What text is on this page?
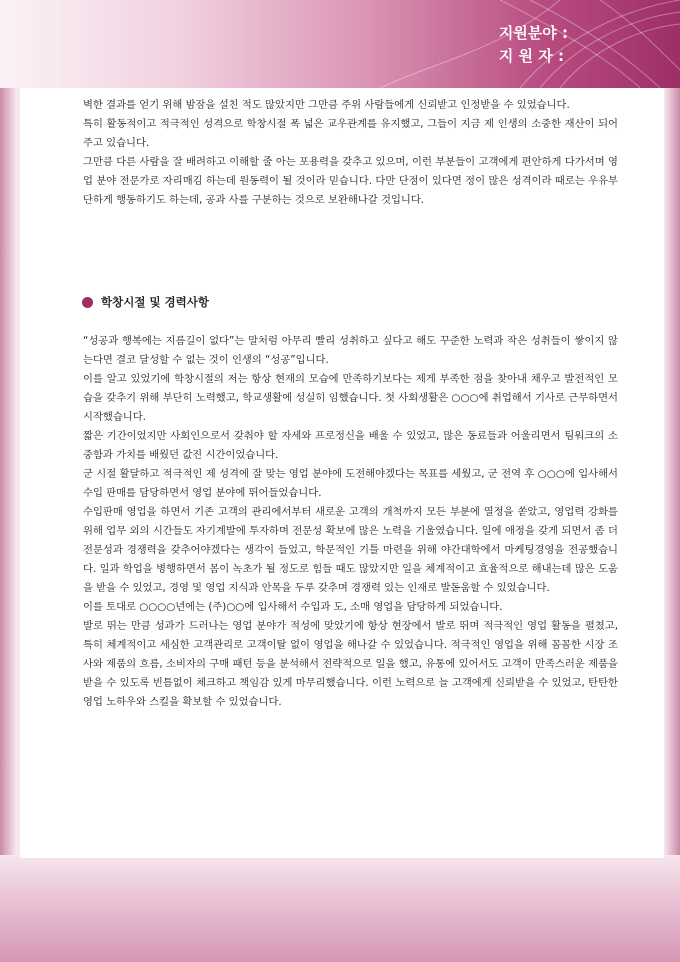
지원분야 :
지 원 자 :

벽한 결과를 얻기 위해 밤잠을 설친 적도 많았지만 그만큼 주위 사람들에게 신뢰받고 인정받을 수 있었습니다.

특히 활동적이고 적극적인 성격으로 학창시절 폭 넓은 교우관계를 유지했고, 그들이 지금 제 인생의 소중한 재산이 되어주고 있습니다.

그만큼 다른 사람을 잘 배려하고 이해할 줄 아는 포용력을 갖추고 있으며, 이런 부분들이 고객에게 편안하게 다가서며 영업 분야 전문가로 자리매김 하는데 원동력이 될 것이라 믿습니다. 다만 단점이 있다면 정이 많은 성격이라 때로는 우유부단하게 행동하기도 하는데, 공과 사를 구분하는 것으로 보완해나갈 것입니다.

학창시절 및 경력사항

“성공과 행복에는 지름길이 없다”는 말처럼 아무리 빨리 성취하고 싶다고 해도 꾸준한 노력과 작은 성취들이 쌓이지 않는다면 결코 달성할 수 없는 것이 인생의 “성공”입니다.

이를 알고 있었기에 학창시절의 저는 항상 현재의 모습에 만족하기보다는 제게 부족한 점을 찾아내 채우고 발전적인 모습을 갖추기 위해 부단히 노력했고, 학교생활에 성실히 임했습니다. 첫 사회생활은 ○○○에 취업해서 기사로 근무하면서 시작했습니다.

짧은 기간이었지만 사회인으로서 갖춰야 할 자세와 프로정신을 배울 수 있었고, 많은 동료들과 어울리면서 팀워크의 소중함과 가치를 배웠던 값진 시간이었습니다.

군 시절 활달하고 적극적인 제 성격에 잘 맞는 영업 분야에 도전해야겠다는 목표를 세웠고, 군 전역 후 ○○○에 입사해서 수입 판매를 담당하면서 영업 분야에 뛰어들었습니다.

수입판매 영업을 하면서 기존 고객의 관리에서부터 새로운 고객의 개척까지 모든 부분에 열정을 쏟았고, 영업력 강화를 위해 업무 외의 시간들도 자기계발에 투자하며 전문성 확보에 많은 노력을 기울였습니다. 일에 애정을 갖게 되면서 좀 더 전문성과 경쟁력을 갖추어야겠다는 생각이 들었고, 학문적인 기틀 마련을 위해 야간대학에서 마케팅경영을 전공했습니다. 일과 학업을 병행하면서 몸이 녹초가 될 정도로 힘들 때도 많았지만 일을 체계적이고 효율적으로 해내는데 많은 도움을 받을 수 있었고, 경영 및 영업 지식과 안목을 두루 갖추며 경쟁력 있는 인재로 발돋움할 수 있었습니다.

이를 토대로 ○○○○년에는 (주)○○에 입사해서 수입과 도, 소매 영업을 담당하게 되었습니다.

발로 뛰는 만큼 성과가 드러나는 영업 분야가 적성에 맞았기에 항상 현장에서 발로 뛰며 적극적인 영업 활동을 펼쳤고, 특히 체계적이고 세심한 고객관리로 고객이탈 없이 영업을 해나갈 수 있었습니다. 적극적인 영업을 위해 꼼꼼한 시장 조사와 제품의 흐름, 소비자의 구매 패턴 등을 분석해서 전략적으로 일을 했고, 유통에 있어서도 고객이 만족스러운 제품을 받을 수 있도록 빈틈없이 체크하고 책임감 있게 마무리했습니다. 이런 노력으로 늘 고객에게 신뢰받을 수 있었고, 탄탄한 영업 노하우와 스킬을 확보할 수 있었습니다.
